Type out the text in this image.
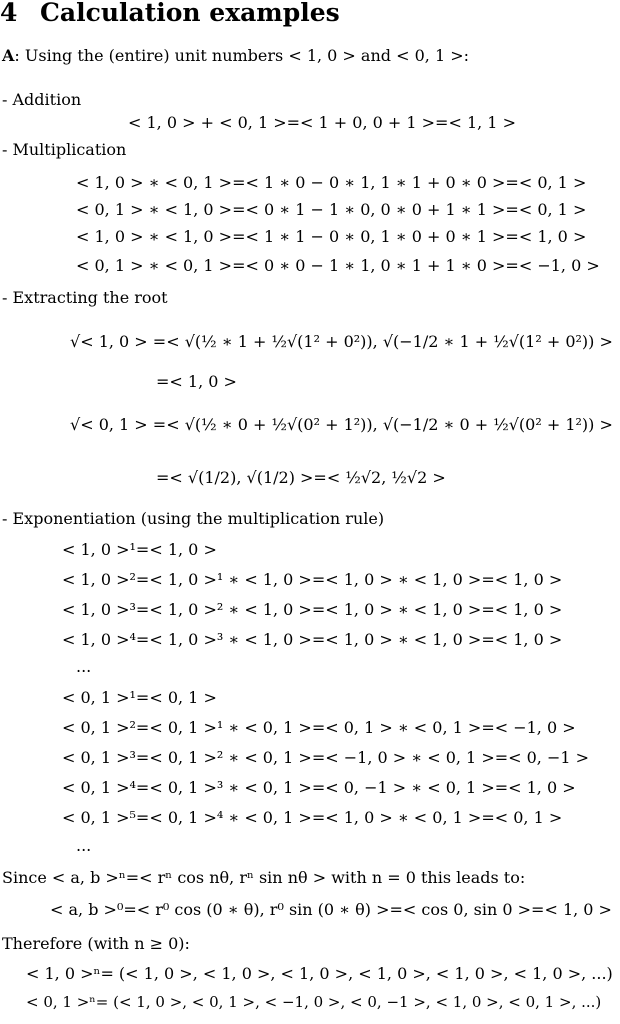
4 Calculation examples
A: Using the (entire) unit numbers < 1, 0 > and < 0, 1 >:
- Addition
< 1, 0 > + < 0, 1 >=< 1 + 0, 0 + 1 >=< 1, 1 >
- Multiplication
< 1, 0 > ∗ < 0, 1 >=< 1 ∗ 0 − 0 ∗ 1, 1 ∗ 1 + 0 ∗ 0 >=< 0, 1 >
< 0, 1 > ∗ < 1, 0 >=< 0 ∗ 1 − 1 ∗ 0, 0 ∗ 0 + 1 ∗ 1 >=< 0, 1 >
< 1, 0 > ∗ < 1, 0 >=< 1 ∗ 1 − 0 ∗ 0, 1 ∗ 0 + 0 ∗ 1 >=< 1, 0 >
< 0, 1 > ∗ < 0, 1 >=< 0 ∗ 0 − 1 ∗ 1, 0 ∗ 1 + 1 ∗ 0 >=< −1, 0 >
- Extracting the root
√< 1, 0 > =< √(½ ∗ 1 + ½√(1² + 0²)), √(−1/2 ∗ 1 + ½√(1² + 0²)) >
=< 1, 0 >
√< 0, 1 > =< √(½ ∗ 0 + ½√(0² + 1²)), √(−1/2 ∗ 0 + ½√(0² + 1²)) >
=< √(1/2), √(1/2) >=< ½√2, ½√2 >
- Exponentiation (using the multiplication rule)
< 1, 0 >¹=< 1, 0 >
< 1, 0 >²=< 1, 0 >¹ ∗ < 1, 0 >=< 1, 0 > ∗ < 1, 0 >=< 1, 0 >
< 1, 0 >³=< 1, 0 >² ∗ < 1, 0 >=< 1, 0 > ∗ < 1, 0 >=< 1, 0 >
< 1, 0 >⁴=< 1, 0 >³ ∗ < 1, 0 >=< 1, 0 > ∗ < 1, 0 >=< 1, 0 >
...
< 0, 1 >¹=< 0, 1 >
< 0, 1 >²=< 0, 1 >¹ ∗ < 0, 1 >=< 0, 1 > ∗ < 0, 1 >=< −1, 0 >
< 0, 1 >³=< 0, 1 >² ∗ < 0, 1 >=< −1, 0 > ∗ < 0, 1 >=< 0, −1 >
< 0, 1 >⁴=< 0, 1 >³ ∗ < 0, 1 >=< 0, −1 > ∗ < 0, 1 >=< 1, 0 >
< 0, 1 >⁵=< 0, 1 >⁴ ∗ < 0, 1 >=< 1, 0 > ∗ < 0, 1 >=< 0, 1 >
...
Since < a, b >ⁿ=< rⁿ cos nθ, rⁿ sin nθ > with n = 0 this leads to:
< a, b >⁰=< r⁰ cos (0 ∗ θ), r⁰ sin (0 ∗ θ) >=< cos 0, sin 0 >=< 1, 0 >
Therefore (with n ≥ 0):
< 1, 0 >ⁿ= (< 1, 0 >, < 1, 0 >, < 1, 0 >, < 1, 0 >, < 1, 0 >, < 1, 0 >, ...)
< 0, 1 >ⁿ= (< 1, 0 >, < 0, 1 >, < −1, 0 >, < 0, −1 >, < 1, 0 >, < 0, 1 >, ...)
